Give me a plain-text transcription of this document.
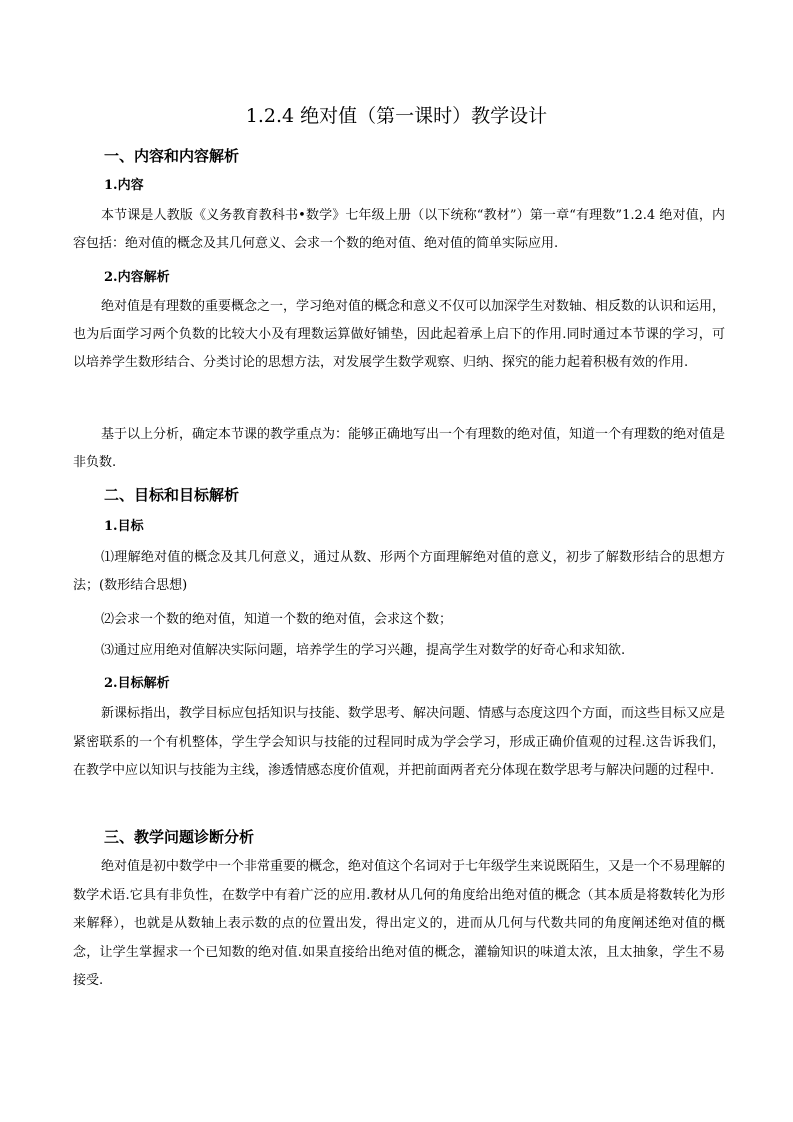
1.2.4 绝对值（第一课时）教学设计
一、内容和内容解析
1.内容

本节课是人教版《义务教育教科书•数学》七年级上册（以下统称“教材”）第一章“有理数”1.2.4 绝对值，内容包括：绝对值的概念及其几何意义、会求一个数的绝对值、绝对值的简单实际应用.

2.内容解析

绝对值是有理数的重要概念之一，学习绝对值的概念和意义不仅可以加深学生对数轴、相反数的认识和运用，也为后面学习两个负数的比较大小及有理数运算做好铺垫，因此起着承上启下的作用.同时通过本节课的学习，可以培养学生数形结合、分类讨论的思想方法，对发展学生数学观察、归纳、探究的能力起着积极有效的作用.

基于以上分析，确定本节课的教学重点为：能够正确地写出一个有理数的绝对值，知道一个有理数的绝对值是非负数.

二、目标和目标解析
1.目标

⑴理解绝对值的概念及其几何意义，通过从数、形两个方面理解绝对值的意义，初步了解数形结合的思想方法；(数形结合思想)

⑵会求一个数的绝对值，知道一个数的绝对值，会求这个数；

⑶通过应用绝对值解决实际问题，培养学生的学习兴趣，提高学生对数学的好奇心和求知欲.

2.目标解析

新课标指出，教学目标应包括知识与技能、数学思考、解决问题、情感与态度这四个方面，而这些目标又应是紧密联系的一个有机整体，学生学会知识与技能的过程同时成为学会学习，形成正确价值观的过程.这告诉我们，在教学中应以知识与技能为主线，渗透情感态度价值观，并把前面两者充分体现在数学思考与解决问题的过程中.

三、教学问题诊断分析

绝对值是初中数学中一个非常重要的概念，绝对值这个名词对于七年级学生来说既陌生，又是一个不易理解的数学术语.它具有非负性，在数学中有着广泛的应用.教材从几何的角度给出绝对值的概念（其本质是将数转化为形来解释），也就是从数轴上表示数的点的位置出发，得出定义的，进而从几何与代数共同的角度阐述绝对值的概念，让学生掌握求一个已知数的绝对值.如果直接给出绝对值的概念，灌输知识的味道太浓，且太抽象，学生不易接受.
